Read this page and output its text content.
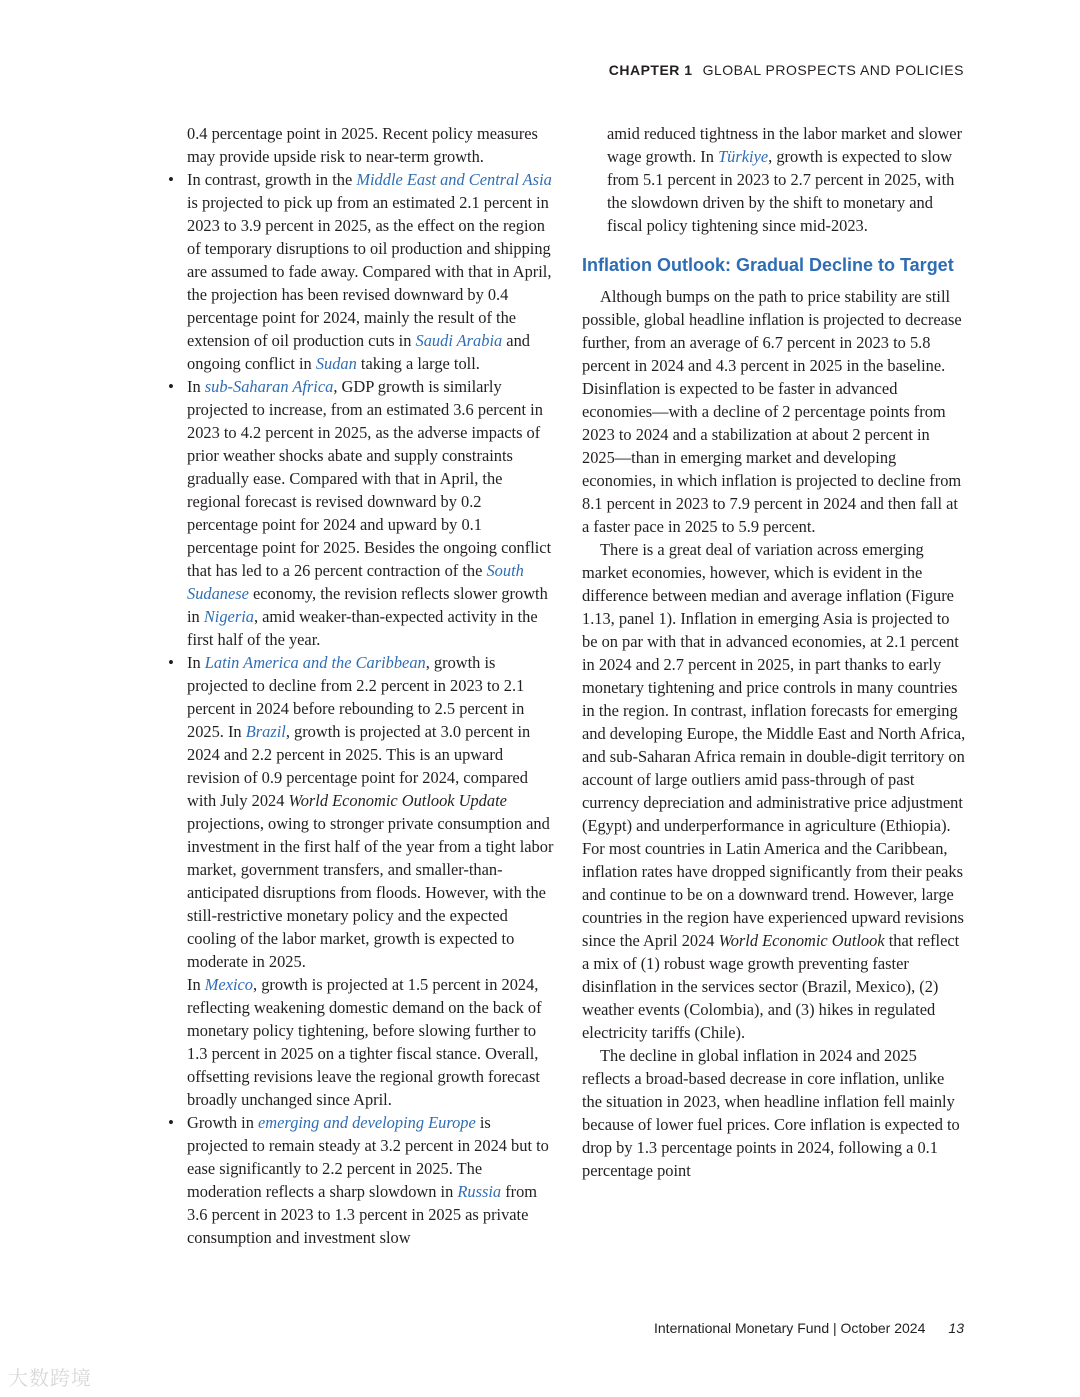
CHAPTER 1 GLOBAL PROSPECTS AND POLICIES

0.4 percentage point in 2025. Recent policy measures may provide upside risk to near-term growth.

• In contrast, growth in the Middle East and Central Asia is projected to pick up from an estimated 2.1 percent in 2023 to 3.9 percent in 2025, as the effect on the region of temporary disruptions to oil production and shipping are assumed to fade away. Compared with that in April, the projection has been revised downward by 0.4 percentage point for 2024, mainly the result of the extension of oil production cuts in Saudi Arabia and ongoing conflict in Sudan taking a large toll.
• In sub-Saharan Africa, GDP growth is similarly projected to increase, from an estimated 3.6 percent in 2023 to 4.2 percent in 2025, as the adverse impacts of prior weather shocks abate and supply constraints gradually ease. Compared with that in April, the regional forecast is revised downward by 0.2 percentage point for 2024 and upward by 0.1 percentage point for 2025. Besides the ongoing conflict that has led to a 26 percent contraction of the South Sudanese economy, the revision reflects slower growth in Nigeria, amid weaker-than-expected activity in the first half of the year.
• In Latin America and the Caribbean, growth is projected to decline from 2.2 percent in 2023 to 2.1 percent in 2024 before rebounding to 2.5 percent in 2025. In Brazil, growth is projected at 3.0 percent in 2024 and 2.2 percent in 2025. This is an upward revision of 0.9 percentage point for 2024, compared with July 2024 World Economic Outlook Update projections, owing to stronger private consumption and investment in the first half of the year from a tight labor market, government transfers, and smaller-than-anticipated disruptions from floods. However, with the still-restrictive monetary policy and the expected cooling of the labor market, growth is expected to moderate in 2025.

In Mexico, growth is projected at 1.5 percent in 2024, reflecting weakening domestic demand on the back of monetary policy tightening, before slowing further to 1.3 percent in 2025 on a tighter fiscal stance. Overall, offsetting revisions leave the regional growth forecast broadly unchanged since April.

• Growth in emerging and developing Europe is projected to remain steady at 3.2 percent in 2024 but to ease significantly to 2.2 percent in 2025. The moderation reflects a sharp slowdown in Russia from 3.6 percent in 2023 to 1.3 percent in 2025 as private consumption and investment slow

amid reduced tightness in the labor market and slower wage growth. In Türkiye, growth is expected to slow from 5.1 percent in 2023 to 2.7 percent in 2025, with the slowdown driven by the shift to monetary and fiscal policy tightening since mid-2023.

Inflation Outlook: Gradual Decline to Target

Although bumps on the path to price stability are still possible, global headline inflation is projected to decrease further, from an average of 6.7 percent in 2023 to 5.8 percent in 2024 and 4.3 percent in 2025 in the baseline. Disinflation is expected to be faster in advanced economies—with a decline of 2 percentage points from 2023 to 2024 and a stabilization at about 2 percent in 2025—than in emerging market and developing economies, in which inflation is projected to decline from 8.1 percent in 2023 to 7.9 percent in 2024 and then fall at a faster pace in 2025 to 5.9 percent.

There is a great deal of variation across emerging market economies, however, which is evident in the difference between median and average inflation (Figure 1.13, panel 1). Inflation in emerging Asia is projected to be on par with that in advanced economies, at 2.1 percent in 2024 and 2.7 percent in 2025, in part thanks to early monetary tightening and price controls in many countries in the region. In contrast, inflation forecasts for emerging and developing Europe, the Middle East and North Africa, and sub-Saharan Africa remain in double-digit territory on account of large outliers amid pass-through of past currency depreciation and administrative price adjustment (Egypt) and underperformance in agriculture (Ethiopia). For most countries in Latin America and the Caribbean, inflation rates have dropped significantly from their peaks and continue to be on a downward trend. However, large countries in the region have experienced upward revisions since the April 2024 World Economic Outlook that reflect a mix of (1) robust wage growth preventing faster disinflation in the services sector (Brazil, Mexico), (2) weather events (Colombia), and (3) hikes in regulated electricity tariffs (Chile).

The decline in global inflation in 2024 and 2025 reflects a broad-based decrease in core inflation, unlike the situation in 2023, when headline inflation fell mainly because of lower fuel prices. Core inflation is expected to drop by 1.3 percentage points in 2024, following a 0.1 percentage point

International Monetary Fund | October 2024 13
大数跨境
